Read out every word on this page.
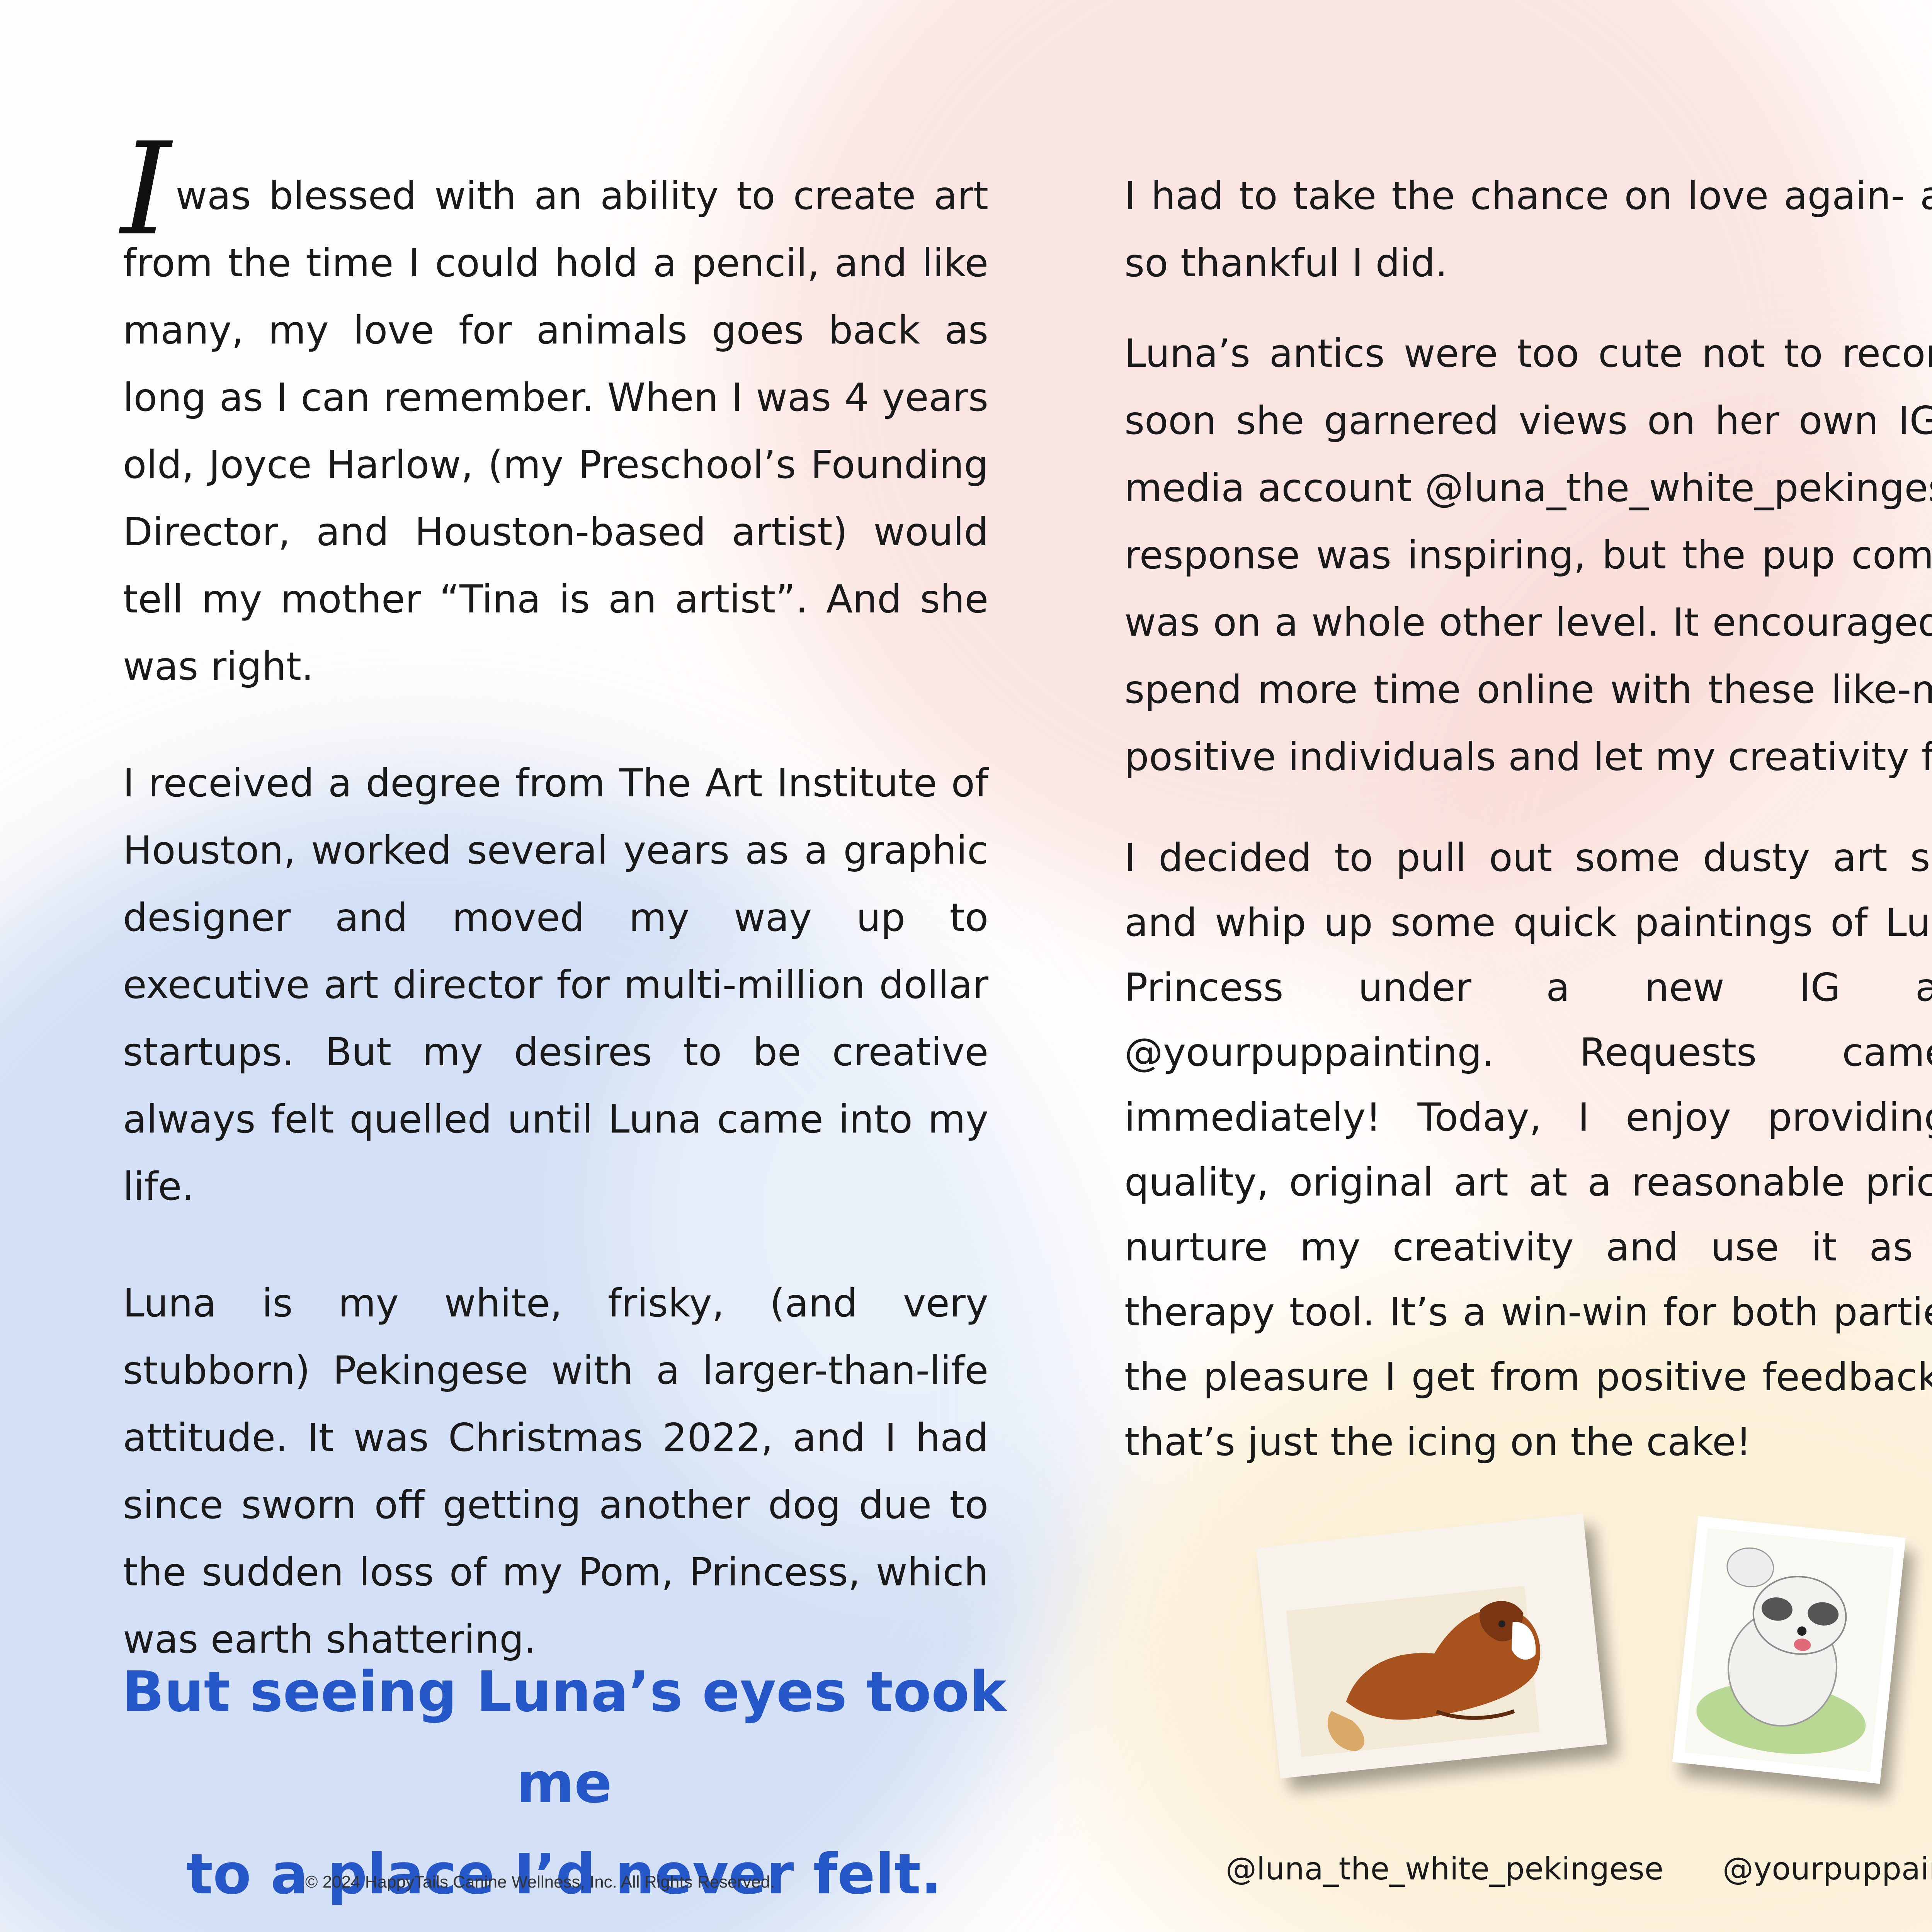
Iwas blessed with an ability to create art from the time I could hold a pencil, and like many, my love for animals goes back as long as I can remember. When I was 4 years old, Joyce Harlow, (my Preschool’s Founding Director, and Houston-based artist) would tell my mother “Tina is an artist”. And she was right.

I received a degree from The Art Institute of Houston, worked several years as a graphic designer and moved my way up to executive art director for multi-million dollar startups. But my desires to be creative always felt quelled until Luna came into my life.

Luna is my white, frisky, (and very stubborn) Pekingese with a larger-than-life attitude. It was Christmas 2022, and I had since sworn off getting another dog due to the sudden loss of my Pom, Princess, which was earth shattering.

But seeing Luna’s eyes took me
to a place I’d never felt.

I had to take the chance on love again- a so thankful I did.

Luna’s antics were too cute not to reco soon she garnered views on her own IG media account @luna_the_white_pekingese. response was inspiring, but the pup com was on a whole other level. It encouraged spend more time online with these like-m positive individuals and let my creativity f

I decided to pull out some dusty art s and whip up some quick paintings of Lu Princess under a new IG a @yourpuppainting. Requests cam immediately! Today, I enjoy providing quality, original art at a reasonable pric nurture my creativity and use it as therapy tool. It’s a win-win for both parti the pleasure I get from positive feedback that’s just the icing on the cake!

© 2024 HappyTails Canine Wellness, Inc. All Rights Reserved.	@luna_the_white_pekingese @yourpuppai
